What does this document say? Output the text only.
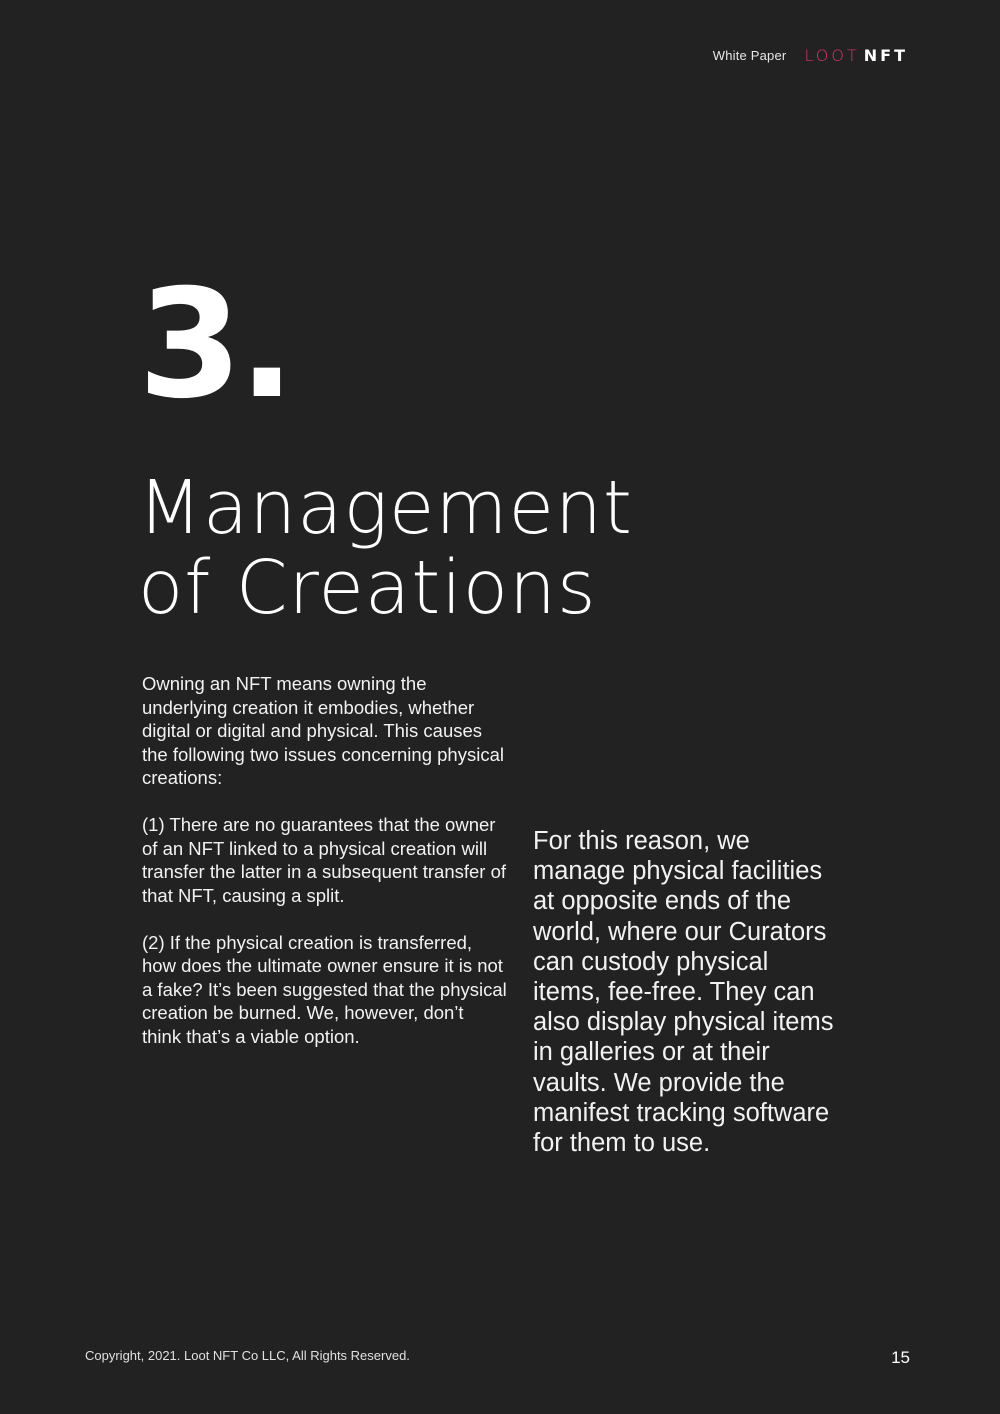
White Paper LOOT NFT
3.
Management
of Creations

Owning an NFT means owning the underlying creation it embodies, whether digital or digital and physical. This causes the following two issues concerning physical creations:

(1) There are no guarantees that the owner of an NFT linked to a physical creation will transfer the latter in a subsequent transfer of that NFT, causing a split.

(2) If the physical creation is transferred, how does the ultimate owner ensure it is not a fake? It’s been suggested that the physical creation be burned. We, however, don’t think that’s a viable option.

For this reason, we manage physical facilities at opposite ends of the world, where our Curators can custody physical items, fee-free. They can also display physical items in galleries or at their vaults. We provide the manifest tracking software for them to use.

Copyright, 2021. Loot NFT Co LLC, All Rights Reserved.	15
